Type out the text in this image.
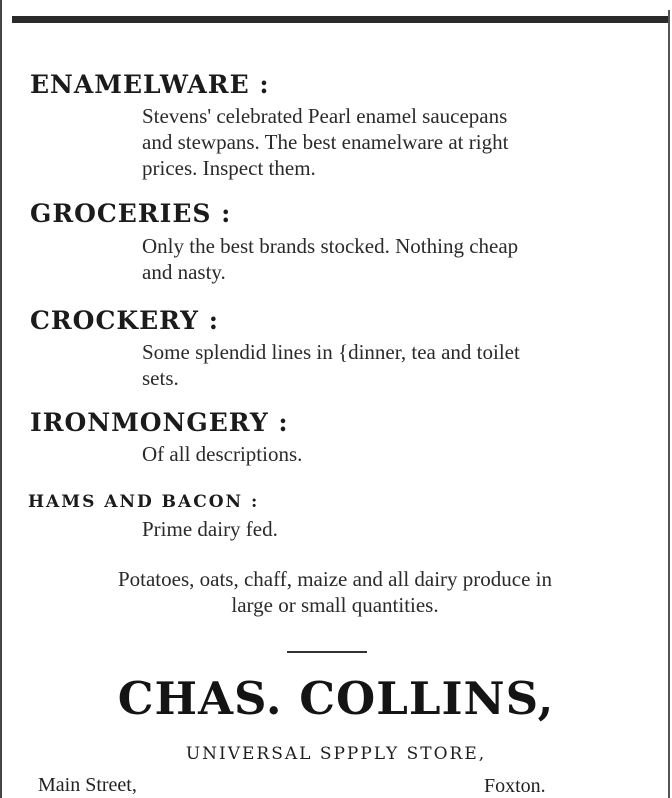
ENAMELWARE :
Stevens' celebrated Pearl enamel saucepans
and stewpans. The best enamelware at right
prices. Inspect them.
GROCERIES :
Only the best brands stocked. Nothing cheap
and nasty.
CROCKERY :
Some splendid lines in {dinner, tea and toilet
sets.
IRONMONGERY :
Of all descriptions.
HAMS AND BACON :
Prime dairy fed.
Potatoes, oats, chaff, maize and all dairy produce in
large or small quantities.
CHAS. COLLINS,
UNIVERSAL SPPPLY STORE,
Main Street,	Foxton.
